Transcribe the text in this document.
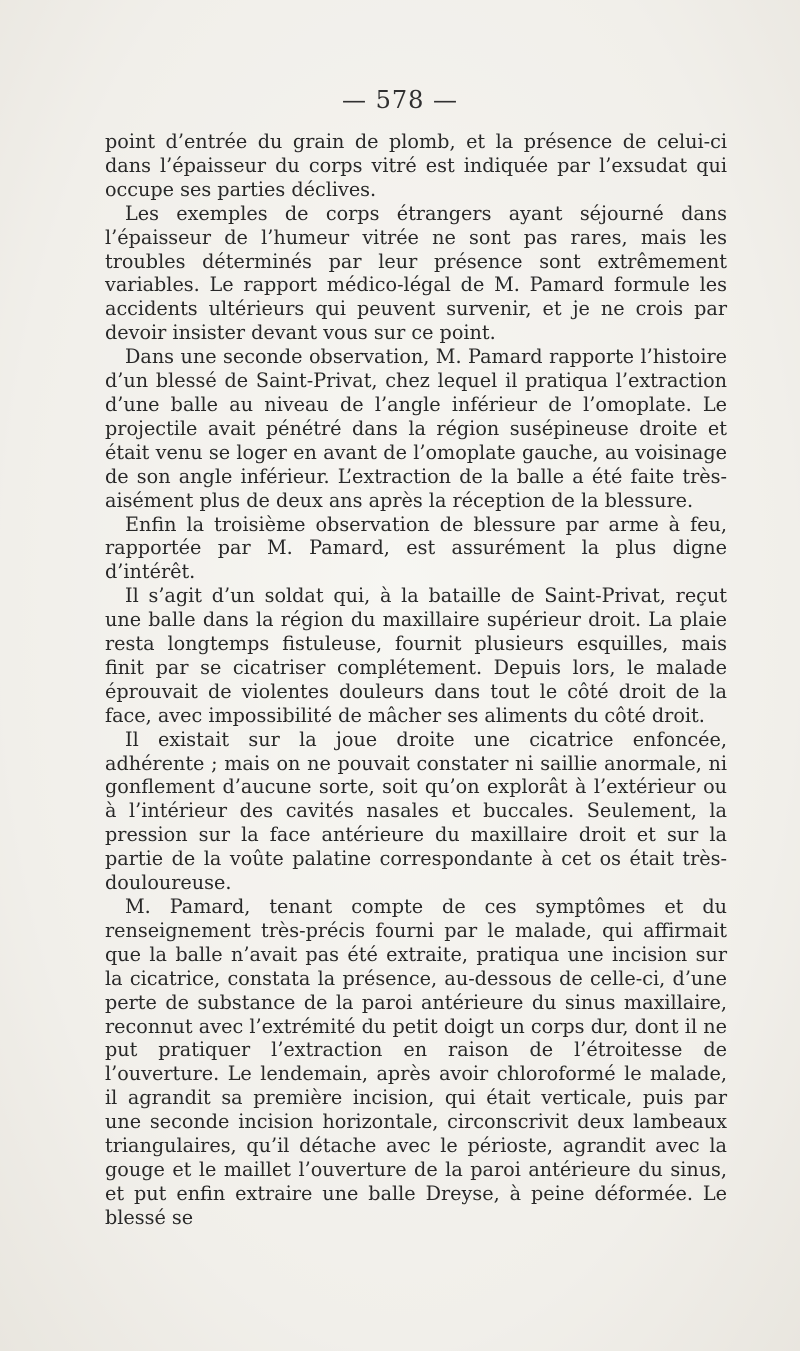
— 578 —

point d’entrée du grain de plomb, et la présence de celui-ci dans l’épaisseur du corps vitré est indiquée par l’exsudat qui occupe ses parties déclives.

Les exemples de corps étrangers ayant séjourné dans l’épaisseur de l’humeur vitrée ne sont pas rares, mais les troubles déterminés par leur présence sont extrêmement variables. Le rapport médico-légal de M. Pamard formule les accidents ultérieurs qui peuvent survenir, et je ne crois par devoir insister devant vous sur ce point.

Dans une seconde observation, M. Pamard rapporte l’histoire d’un blessé de Saint-Privat, chez lequel il pratiqua l’extraction d’une balle au niveau de l’angle inférieur de l’omoplate. Le projectile avait pénétré dans la région susépineuse droite et était venu se loger en avant de l’omoplate gauche, au voisinage de son angle inférieur. L’extraction de la balle a été faite très-aisément plus de deux ans après la réception de la blessure.

Enfin la troisième observation de blessure par arme à feu, rapportée par M. Pamard, est assurément la plus digne d’intérêt.

Il s’agit d’un soldat qui, à la bataille de Saint-Privat, reçut une balle dans la région du maxillaire supérieur droit. La plaie resta longtemps fistuleuse, fournit plusieurs esquilles, mais finit par se cicatriser complétement. Depuis lors, le malade éprouvait de violentes douleurs dans tout le côté droit de la face, avec impossibilité de mâcher ses aliments du côté droit.

Il existait sur la joue droite une cicatrice enfoncée, adhérente ; mais on ne pouvait constater ni saillie anormale, ni gonflement d’aucune sorte, soit qu’on explorât à l’extérieur ou à l’intérieur des cavités nasales et buccales. Seulement, la pression sur la face antérieure du maxillaire droit et sur la partie de la voûte palatine correspondante à cet os était très-douloureuse.

M. Pamard, tenant compte de ces symptômes et du renseignement très-précis fourni par le malade, qui affirmait que la balle n’avait pas été extraite, pratiqua une incision sur la cicatrice, constata la présence, au-dessous de celle-ci, d’une perte de substance de la paroi antérieure du sinus maxillaire, reconnut avec l’extrémité du petit doigt un corps dur, dont il ne put pratiquer l’extraction en raison de l’étroitesse de l’ouverture. Le lendemain, après avoir chloroformé le malade, il agrandit sa première incision, qui était verticale, puis par une seconde incision horizontale, circonscrivit deux lambeaux triangulaires, qu’il détache avec le périoste, agrandit avec la gouge et le maillet l’ouverture de la paroi antérieure du sinus, et put enfin extraire une balle Dreyse, à peine déformée. Le blessé se
